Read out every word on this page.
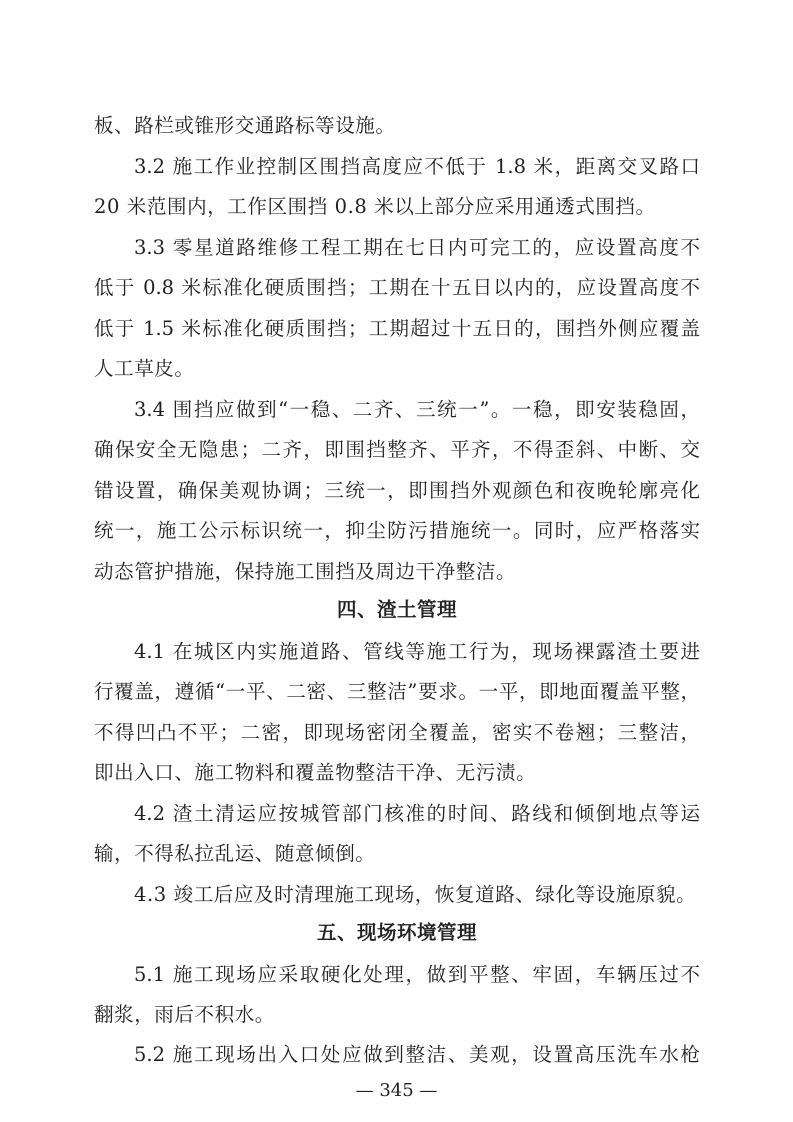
板、路栏或锥形交通路标等设施。
3.2 施工作业控制区围挡高度应不低于 1.8 米，距离交叉路口
20 米范围内，工作区围挡 0.8 米以上部分应采用通透式围挡。
3.3 零星道路维修工程工期在七日内可完工的，应设置高度不
低于 0.8 米标准化硬质围挡；工期在十五日以内的，应设置高度不
低于 1.5 米标准化硬质围挡；工期超过十五日的，围挡外侧应覆盖
人工草皮。
3.4 围挡应做到“一稳、二齐、三统一”。一稳，即安装稳固，
确保安全无隐患；二齐，即围挡整齐、平齐，不得歪斜、中断、交
错设置，确保美观协调；三统一，即围挡外观颜色和夜晚轮廓亮化
统一，施工公示标识统一，抑尘防污措施统一。同时，应严格落实
动态管护措施，保持施工围挡及周边干净整洁。
四、渣土管理
4.1 在城区内实施道路、管线等施工行为，现场裸露渣土要进
行覆盖，遵循“一平、二密、三整洁”要求。一平，即地面覆盖平整，
不得凹凸不平；二密，即现场密闭全覆盖，密实不卷翘；三整洁，
即出入口、施工物料和覆盖物整洁干净、无污渍。
4.2 渣土清运应按城管部门核准的时间、路线和倾倒地点等运
输，不得私拉乱运、随意倾倒。
4.3 竣工后应及时清理施工现场，恢复道路、绿化等设施原貌。
五、现场环境管理
5.1 施工现场应采取硬化处理，做到平整、牢固，车辆压过不
翻浆，雨后不积水。
5.2 施工现场出入口处应做到整洁、美观，设置高压洗车水枪
— 345 —
